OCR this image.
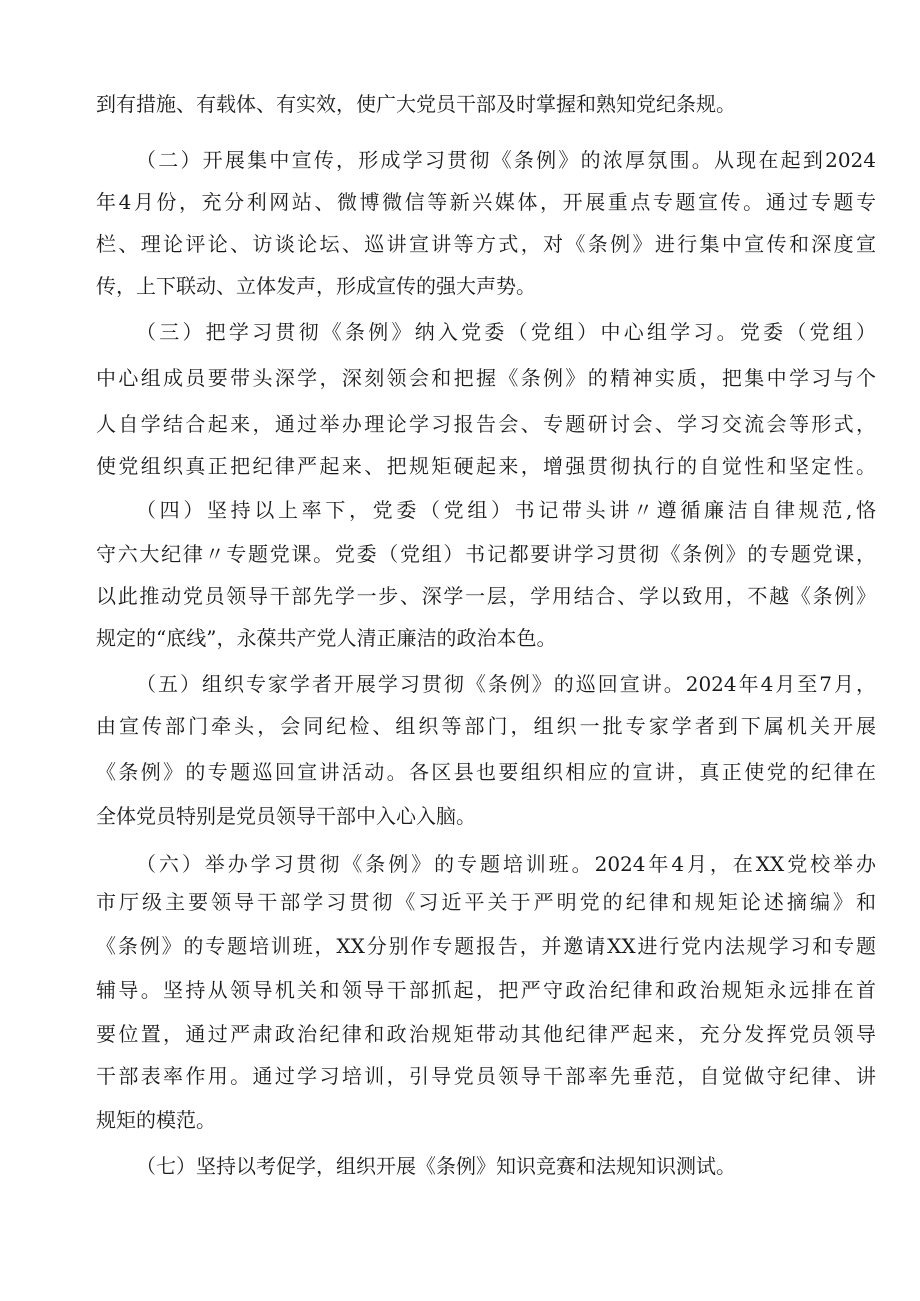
到有措施、有载体、有实效，使广大党员干部及时掌握和熟知党纪条规。
（二）开展集中宣传，形成学习贯彻《条例》的浓厚氛围。从现在起到2024
年4月份，充分利网站、微博微信等新兴媒体，开展重点专题宣传。通过专题专
栏、理论评论、访谈论坛、巡讲宣讲等方式，对《条例》进行集中宣传和深度宣
传，上下联动、立体发声，形成宣传的强大声势。
（三）把学习贯彻《条例》纳入党委（党组）中心组学习。党委（党组）
中心组成员要带头深学，深刻领会和把握《条例》的精神实质，把集中学习与个
人自学结合起来，通过举办理论学习报告会、专题研讨会、学习交流会等形式，
使党组织真正把纪律严起来、把规矩硬起来，增强贯彻执行的自觉性和坚定性。
（四）坚持以上率下，党委（党组）书记带头讲〃遵循廉洁自律规范,恪
守六大纪律〃专题党课。党委（党组）书记都要讲学习贯彻《条例》的专题党课，
以此推动党员领导干部先学一步、深学一层，学用结合、学以致用，不越《条例》
规定的“底线”，永葆共产党人清正廉洁的政治本色。
（五）组织专家学者开展学习贯彻《条例》的巡回宣讲。2024年4月至7月，
由宣传部门牵头，会同纪检、组织等部门，组织一批专家学者到下属机关开展
《条例》的专题巡回宣讲活动。各区县也要组织相应的宣讲，真正使党的纪律在
全体党员特别是党员领导干部中入心入脑。
（六）举办学习贯彻《条例》的专题培训班。2024年4月，在XX党校举办
市厅级主要领导干部学习贯彻《习近平关于严明党的纪律和规矩论述摘编》和
《条例》的专题培训班，XX分别作专题报告，并邀请XX进行党内法规学习和专题
辅导。坚持从领导机关和领导干部抓起，把严守政治纪律和政治规矩永远排在首
要位置，通过严肃政治纪律和政治规矩带动其他纪律严起来，充分发挥党员领导
干部表率作用。通过学习培训，引导党员领导干部率先垂范，自觉做守纪律、讲
规矩的模范。
（七）坚持以考促学，组织开展《条例》知识竞赛和法规知识测试。
